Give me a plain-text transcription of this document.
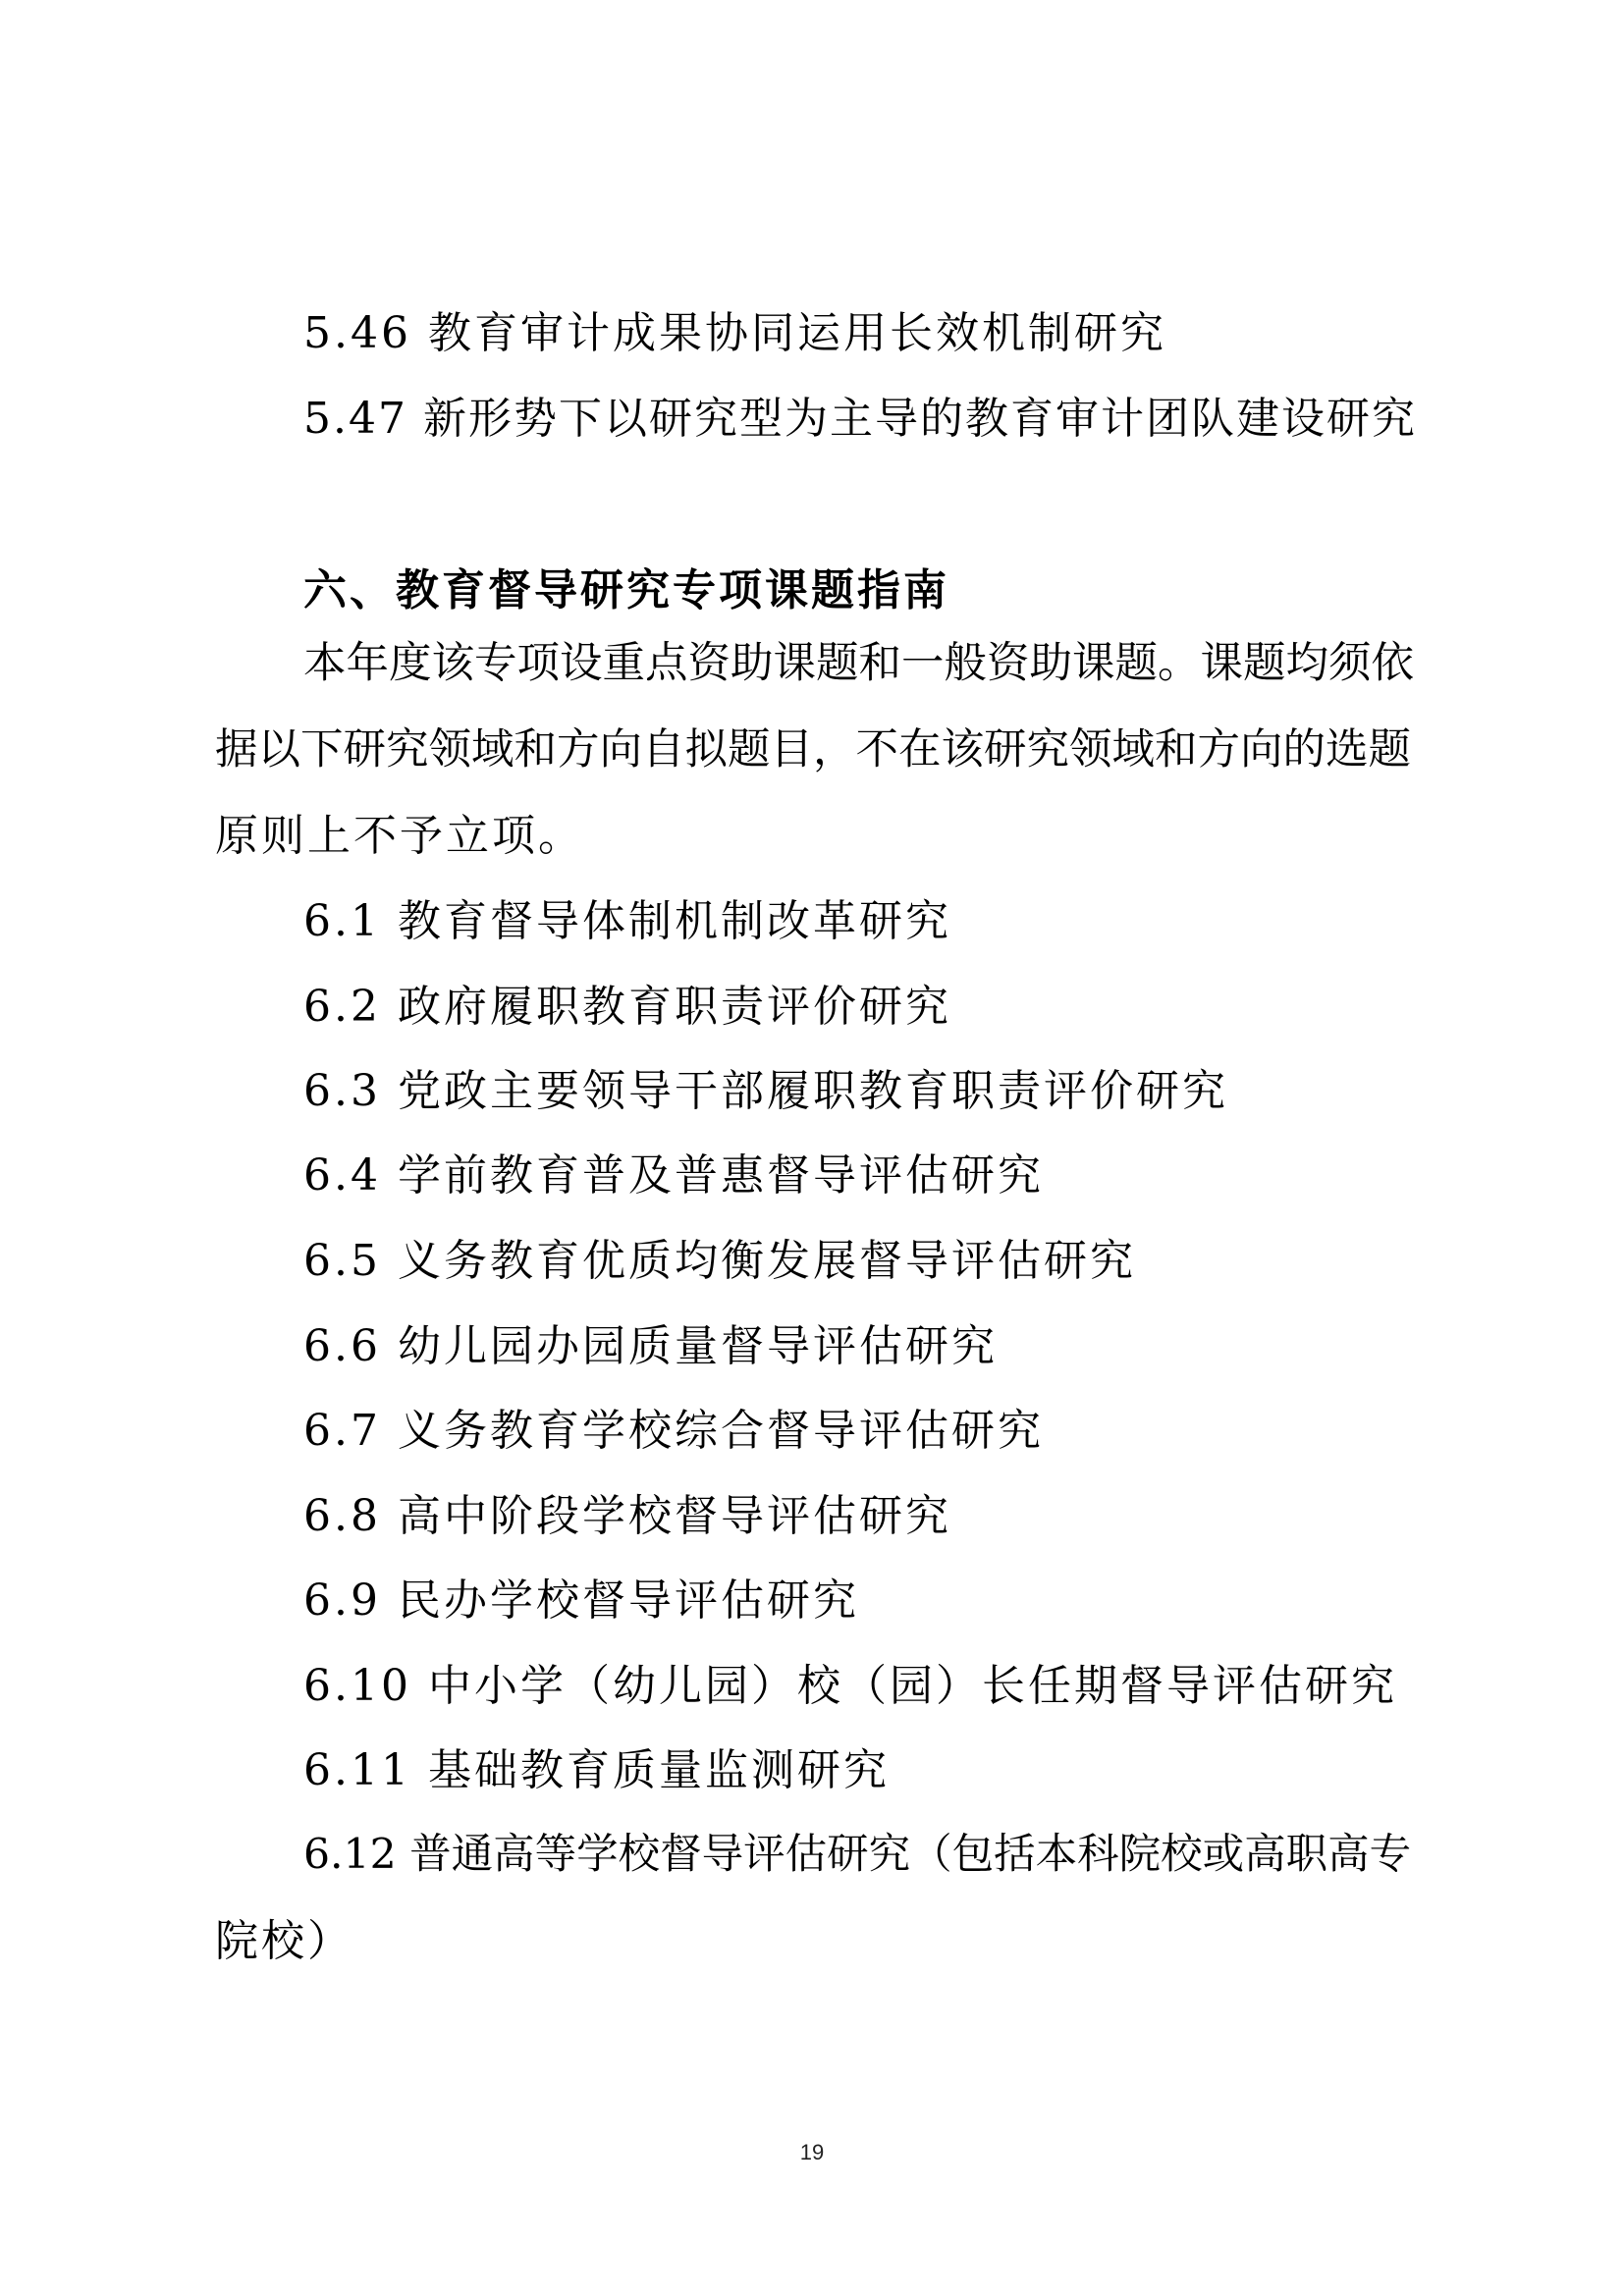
5.46 教育审计成果协同运用长效机制研究
5.47 新形势下以研究型为主导的教育审计团队建设研究
六、教育督导研究专项课题指南
本年度该专项设重点资助课题和一般资助课题。课题均须依
据以下研究领域和方向自拟题目，不在该研究领域和方向的选题
原则上不予立项。
6.1 教育督导体制机制改革研究
6.2 政府履职教育职责评价研究
6.3 党政主要领导干部履职教育职责评价研究
6.4 学前教育普及普惠督导评估研究
6.5 义务教育优质均衡发展督导评估研究
6.6 幼儿园办园质量督导评估研究
6.7 义务教育学校综合督导评估研究
6.8 高中阶段学校督导评估研究
6.9 民办学校督导评估研究
6.10 中小学（幼儿园）校（园）长任期督导评估研究
6.11 基础教育质量监测研究
6.12 普通高等学校督导评估研究（包括本科院校或高职高专
院校）
19
